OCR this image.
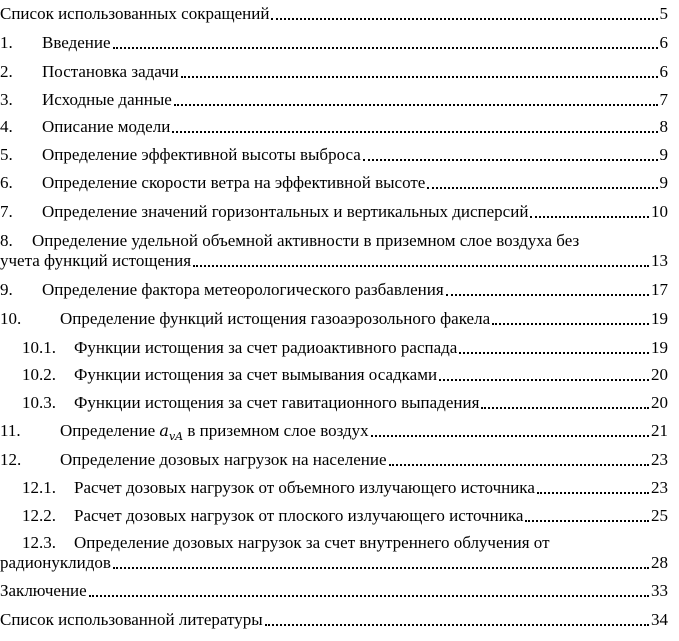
Список использованных сокращений	5
1.	Введение	6
2.	Постановка задачи	6
3.	Исходные данные	7
4.	Описание модели	8
5.	Определение эффективной высоты выброса	9
6.	Определение скорости ветра на эффективной высоте	9
7.	Определение значений горизонтальных и вертикальных дисперсий	10
8. Определение удельной объемной активности в приземном слое воздуха без
учета функций истощения	13
9.	Определение фактора метеорологического разбавления	17
10.	Определение функций истощения газоаэрозольного факела	19
10.1.	Функции истощения за счет радиоактивного распада	19
10.2.	Функции истощения за счет вымывания осадками	20
10.3.	Функции истощения за счет гавитационного выпадения	20
11.	Определение $a_{vA}$ в приземном слое воздух	21
12.	Определение дозовых нагрузок на население	23
12.1.	Расчет дозовых нагрузок от объемного излучающего источника	23
12.2.	Расчет дозовых нагрузок от плоского излучающего источника	25
12.3. Определение дозовых нагрузок за счет внутреннего облучения от
радионуклидов	28
Заключение	33
Список использованной литературы	34
